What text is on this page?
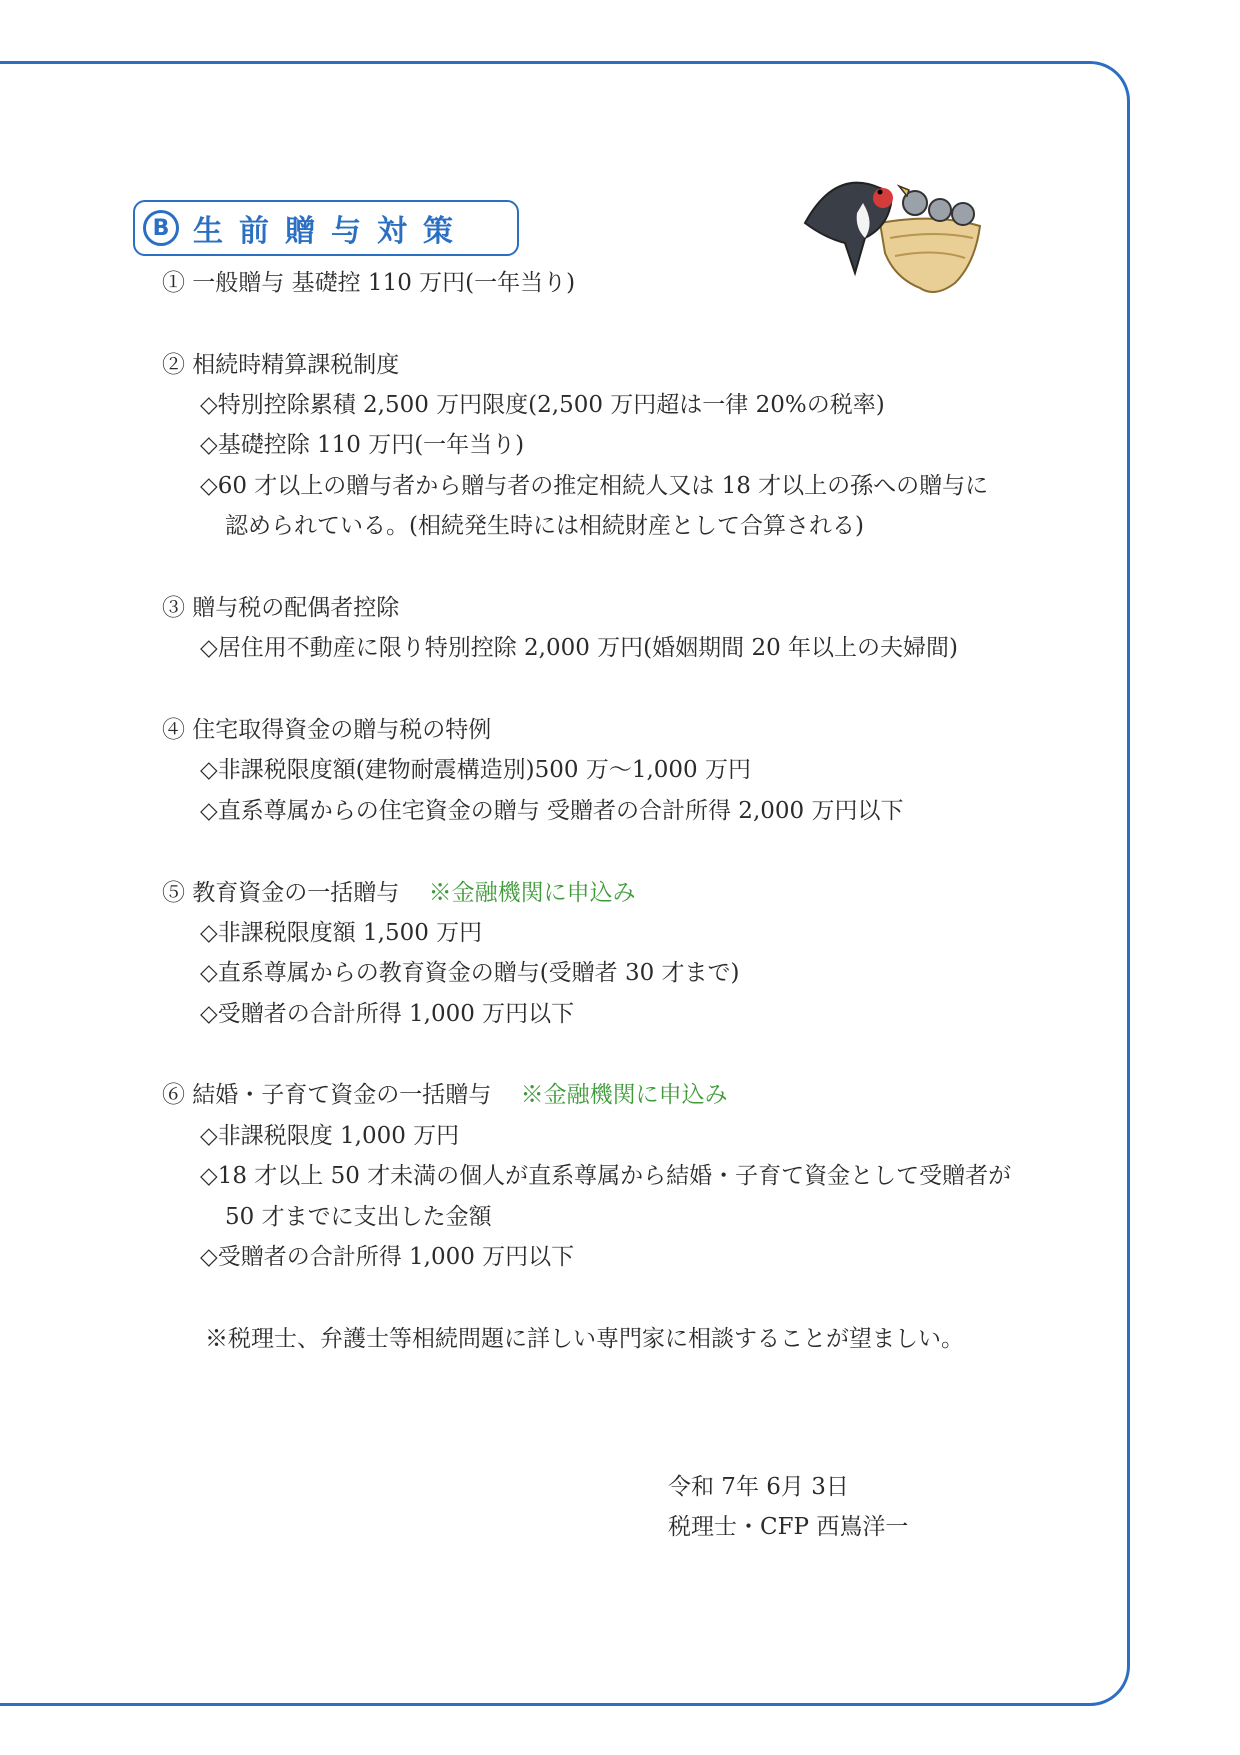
B 生前贈与対策
① 一般贈与 基礎控 110 万円(一年当り)
② 相続時精算課税制度
◇特別控除累積 2,500 万円限度(2,500 万円超は一律 20%の税率)
◇基礎控除 110 万円(一年当り)
◇60 才以上の贈与者から贈与者の推定相続人又は 18 才以上の孫への贈与に
認められている。(相続発生時には相続財産として合算される)
③ 贈与税の配偶者控除
◇居住用不動産に限り特別控除 2,000 万円(婚姻期間 20 年以上の夫婦間)
④ 住宅取得資金の贈与税の特例
◇非課税限度額(建物耐震構造別)500 万～1,000 万円
◇直系尊属からの住宅資金の贈与 受贈者の合計所得 2,000 万円以下
⑤ 教育資金の一括贈与 ※金融機関に申込み
◇非課税限度額 1,500 万円
◇直系尊属からの教育資金の贈与(受贈者 30 才まで)
◇受贈者の合計所得 1,000 万円以下
⑥ 結婚・子育て資金の一括贈与 ※金融機関に申込み
◇非課税限度 1,000 万円
◇18 才以上 50 才未満の個人が直系尊属から結婚・子育て資金として受贈者が
50 才までに支出した金額
◇受贈者の合計所得 1,000 万円以下
※税理士、弁護士等相続問題に詳しい専門家に相談することが望ましい。
令和 7年 6月 3日
税理士・CFP 西嶌洋一
